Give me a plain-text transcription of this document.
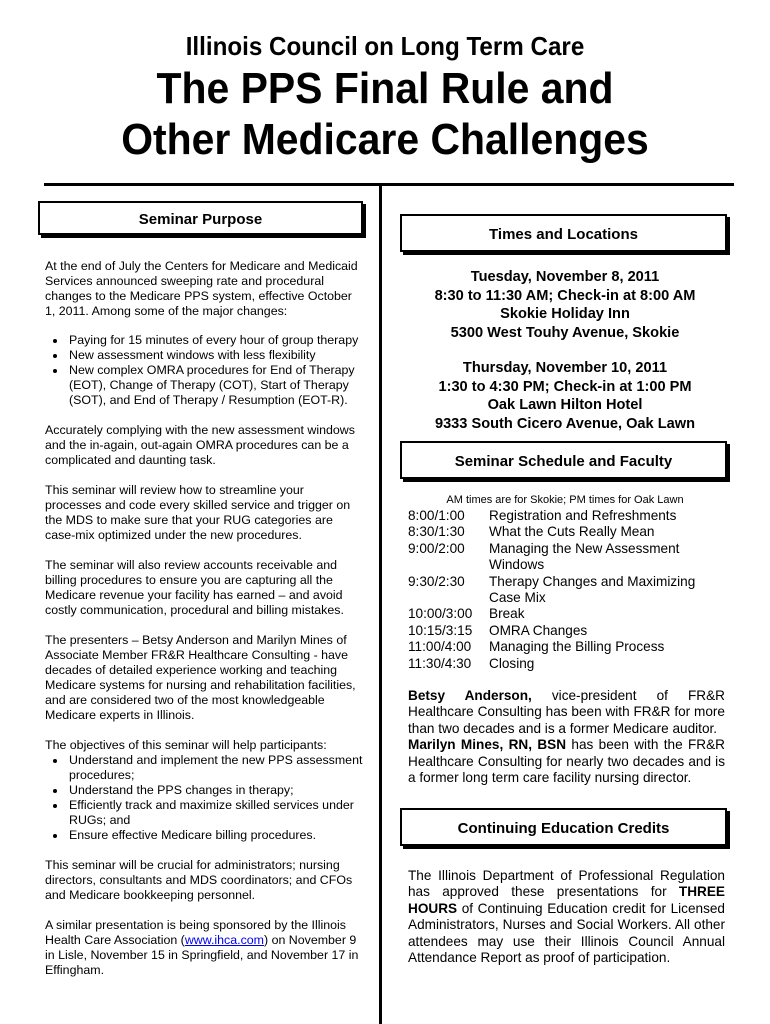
Illinois Council on Long Term Care
The PPS Final Rule and
Other Medicare Challenges
Seminar Purpose

At the end of July the Centers for Medicare and Medicaid Services announced sweeping rate and procedural changes to the Medicare PPS system, effective October 1, 2011. Among some of the major changes:

• Paying for 15 minutes of every hour of group therapy
• New assessment windows with less flexibility
• New complex OMRA procedures for End of Therapy (EOT), Change of Therapy (COT), Start of Therapy (SOT), and End of Therapy / Resumption (EOT-R).

Accurately complying with the new assessment windows and the in-again, out-again OMRA procedures can be a complicated and daunting task.

This seminar will review how to streamline your processes and code every skilled service and trigger on the MDS to make sure that your RUG categories are case-mix optimized under the new procedures.

The seminar will also review accounts receivable and billing procedures to ensure you are capturing all the Medicare revenue your facility has earned – and avoid costly communication, procedural and billing mistakes.

The presenters – Betsy Anderson and Marilyn Mines of Associate Member FR&R Healthcare Consulting - have decades of detailed experience working and teaching Medicare systems for nursing and rehabilitation facilities, and are considered two of the most knowledgeable Medicare experts in Illinois.

The objectives of this seminar will help participants:

• Understand and implement the new PPS assessment procedures;
• Understand the PPS changes in therapy;
• Efficiently track and maximize skilled services under RUGs; and
• Ensure effective Medicare billing procedures.

This seminar will be crucial for administrators; nursing directors, consultants and MDS coordinators; and CFOs and Medicare bookkeeping personnel.

A similar presentation is being sponsored by the Illinois Health Care Association (www.ihca.com) on November 9 in Lisle, November 15 in Springfield, and November 17 in Effingham.

Times and Locations
Tuesday, November 8, 2011
8:30 to 11:30 AM; Check-in at 8:00 AM
Skokie Holiday Inn
5300 West Touhy Avenue, Skokie
Thursday, November 10, 2011
1:30 to 4:30 PM; Check-in at 1:00 PM
Oak Lawn Hilton Hotel
9333 South Cicero Avenue, Oak Lawn
Seminar Schedule and Faculty
AM times are for Skokie; PM times for Oak Lawn
8:00/1:00	Registration and Refreshments
8:30/1:30	What the Cuts Really Mean
9:00/2:00	Managing the New Assessment Windows
9:30/2:30	Therapy Changes and Maximizing Case Mix
10:00/3:00	Break
10:15/3:15	OMRA Changes
11:00/4:00	Managing the Billing Process
11:30/4:30	Closing

Betsy Anderson, vice-president of FR&R Healthcare Consulting has been with FR&R for more than two decades and is a former Medicare auditor.

Marilyn Mines, RN, BSN has been with the FR&R Healthcare Consulting for nearly two decades and is a former long term care facility nursing director.

Continuing Education Credits
The Illinois Department of Professional Regulation has approved these presentations for THREE HOURS of Continuing Education credit for Licensed Administrators, Nurses and Social Workers. All other attendees may use their Illinois Council Annual Attendance Report as proof of participation.
